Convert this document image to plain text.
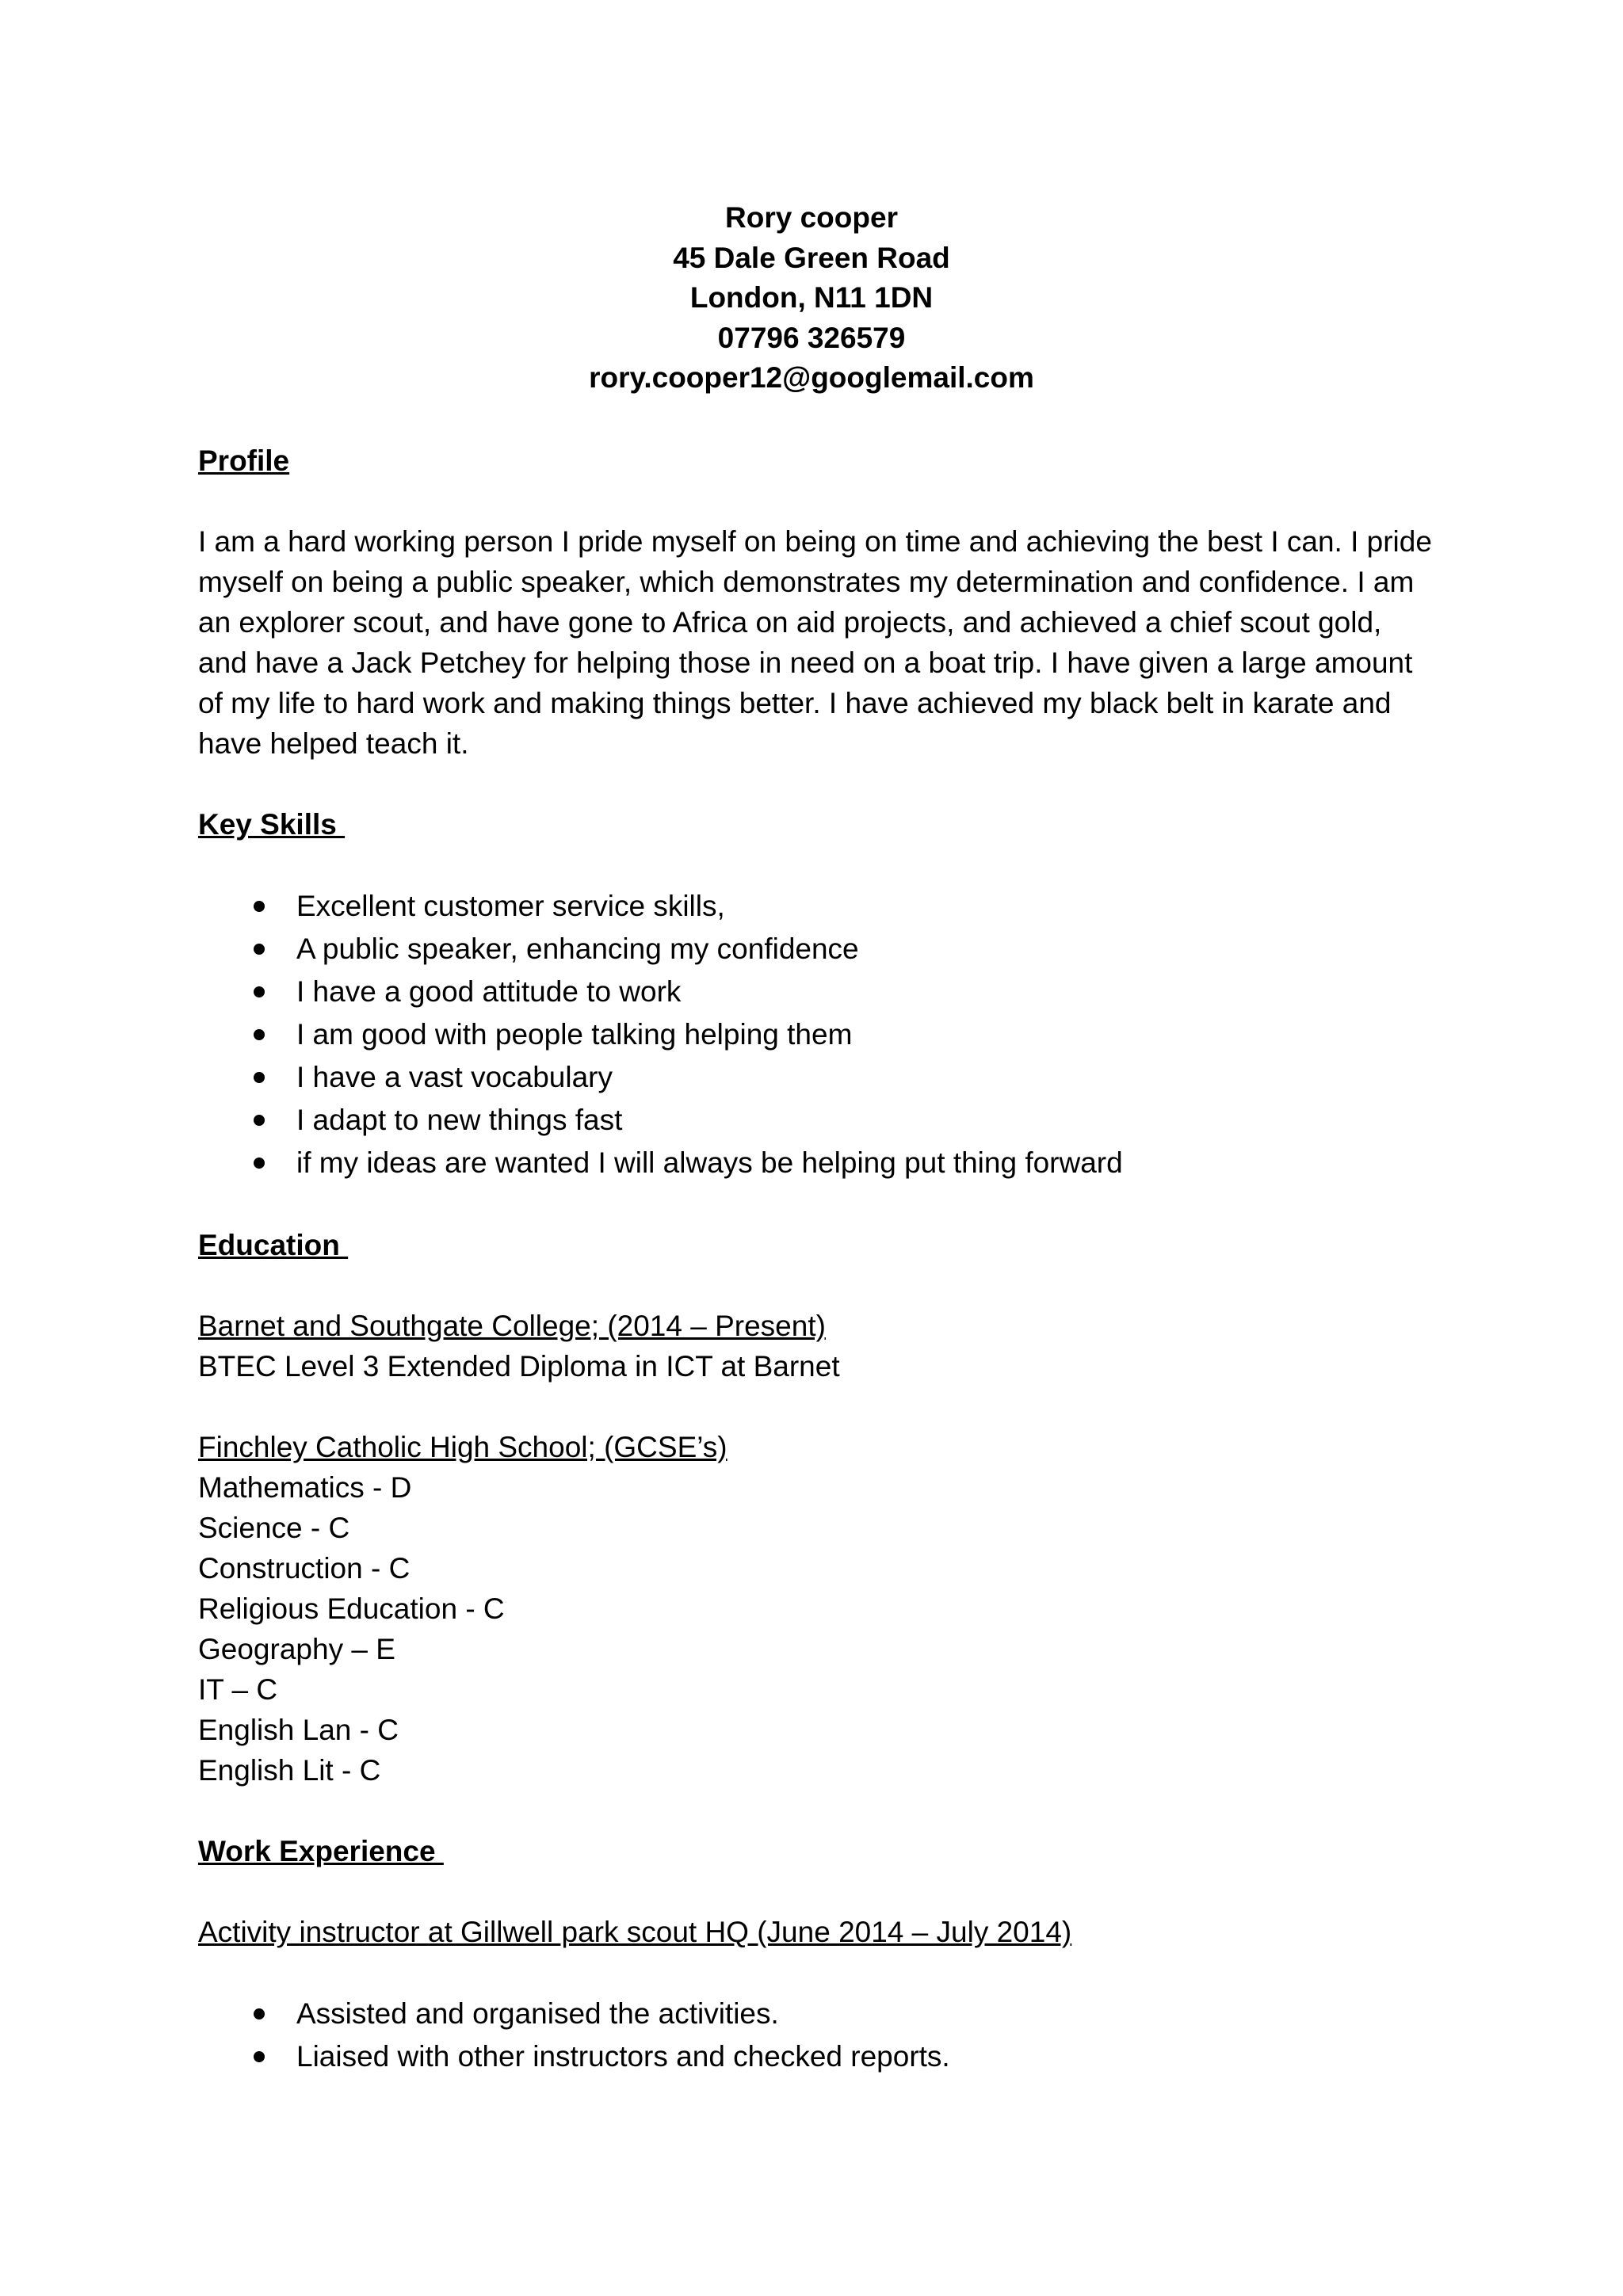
Rory cooper
45 Dale Green Road
London, N11 1DN
07796 326579
rory.cooper12@googlemail.com
Profile
I am a hard working person I pride myself on being on time and achieving the best I can. I pride myself on being a public speaker, which demonstrates my determination and confidence. I am an explorer scout, and have gone to Africa on aid projects, and achieved a chief scout gold, and have a Jack Petchey for helping those in need on a boat trip. I have given a large amount of my life to hard work and making things better. I have achieved my black belt in karate and have helped teach it.
Key Skills
Excellent customer service skills,
A public speaker, enhancing my confidence
I have a good attitude to work
I am good with people talking helping them
I have a vast vocabulary
I adapt to new things fast
if my ideas are wanted I will always be helping put thing forward
Education
Barnet and Southgate College; (2014 – Present)
BTEC Level 3 Extended Diploma in ICT at Barnet
Finchley Catholic High School; (GCSE’s)
Mathematics - D
Science - C
Construction - C
Religious Education - C
Geography – E
IT – C
English Lan - C
English Lit - C
Work Experience
Activity instructor at Gillwell park scout HQ (June 2014 – July 2014)
Assisted and organised the activities.
Liaised with other instructors and checked reports.
